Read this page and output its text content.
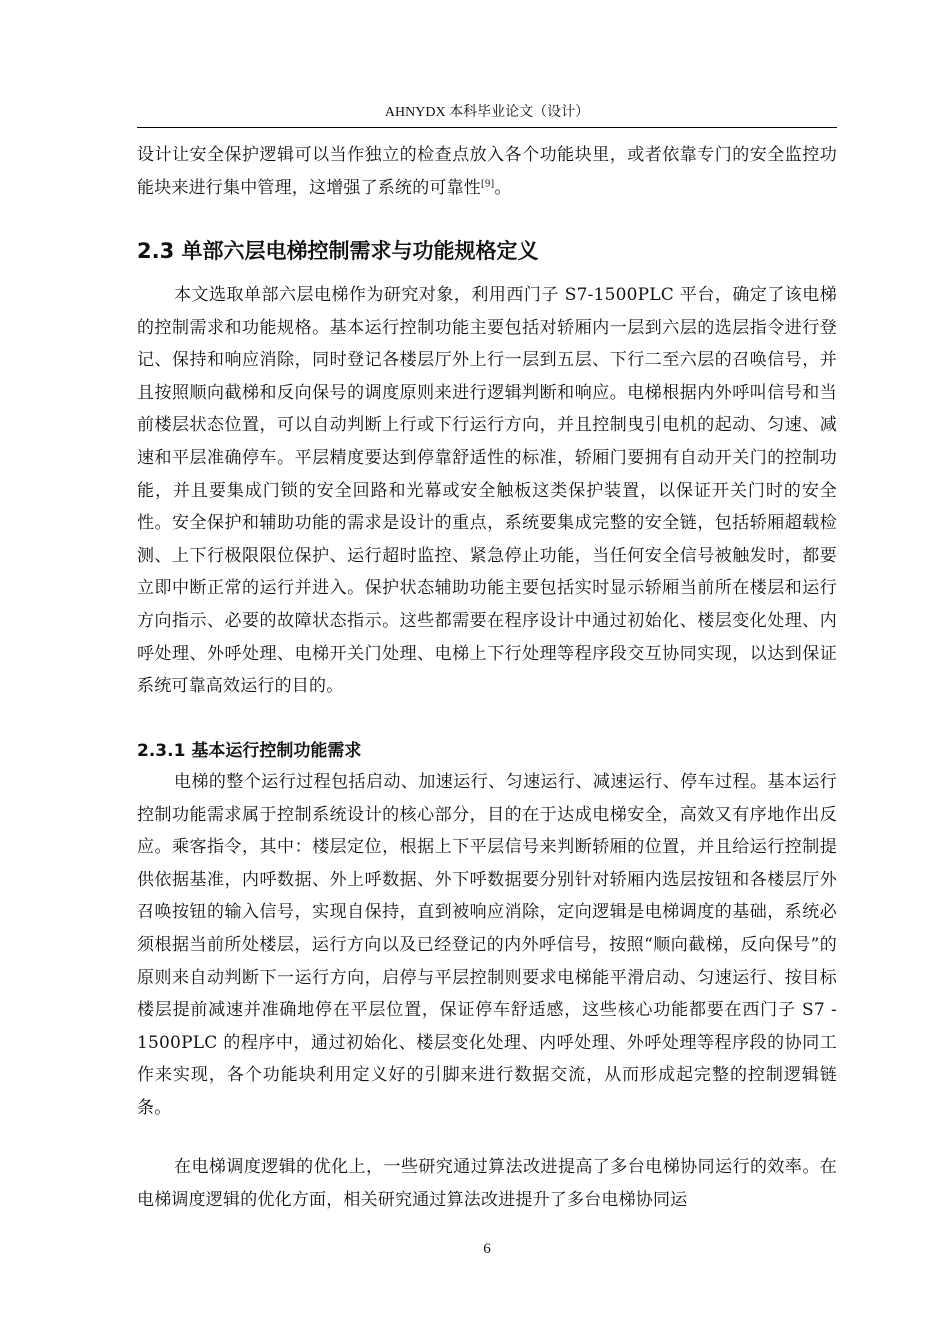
AHNYDX 本科毕业论文（设计）

设计让安全保护逻辑可以当作独立的检查点放入各个功能块里，或者依靠专门的安全监控功能块来进行集中管理，这增强了系统的可靠性[9]。

2.3 单部六层电梯控制需求与功能规格定义

本文选取单部六层电梯作为研究对象，利用西门子 S7-1500PLC 平台，确定了该电梯的控制需求和功能规格。基本运行控制功能主要包括对轿厢内一层到六层的选层指令进行登记、保持和响应消除，同时登记各楼层厅外上行一层到五层、下行二至六层的召唤信号，并且按照顺向截梯和反向保号的调度原则来进行逻辑判断和响应。电梯根据内外呼叫信号和当前楼层状态位置，可以自动判断上行或下行运行方向，并且控制曳引电机的起动、匀速、减速和平层准确停车。平层精度要达到停靠舒适性的标准，轿厢门要拥有自动开关门的控制功能，并且要集成门锁的安全回路和光幕或安全触板这类保护装置，以保证开关门时的安全性。安全保护和辅助功能的需求是设计的重点，系统要集成完整的安全链，包括轿厢超载检测、上下行极限限位保护、运行超时监控、紧急停止功能，当任何安全信号被触发时，都要立即中断正常的运行并进入。保护状态辅助功能主要包括实时显示轿厢当前所在楼层和运行方向指示、必要的故障状态指示。这些都需要在程序设计中通过初始化、楼层变化处理、内呼处理、外呼处理、电梯开关门处理、电梯上下行处理等程序段交互协同实现，以达到保证系统可靠高效运行的目的。

2.3.1 基本运行控制功能需求

电梯的整个运行过程包括启动、加速运行、匀速运行、减速运行、停车过程。基本运行控制功能需求属于控制系统设计的核心部分，目的在于达成电梯安全，高效又有序地作出反应。乘客指令，其中：楼层定位，根据上下平层信号来判断轿厢的位置，并且给运行控制提供依据基准，内呼数据、外上呼数据、外下呼数据要分别针对轿厢内选层按钮和各楼层厅外召唤按钮的输入信号，实现自保持，直到被响应消除，定向逻辑是电梯调度的基础，系统必须根据当前所处楼层，运行方向以及已经登记的内外呼信号，按照“顺向截梯，反向保号”的原则来自动判断下一运行方向，启停与平层控制则要求电梯能平滑启动、匀速运行、按目标楼层提前减速并准确地停在平层位置，保证停车舒适感，这些核心功能都要在西门子 S7 - 1500PLC 的程序中，通过初始化、楼层变化处理、内呼处理、外呼处理等程序段的协同工作来实现，各个功能块利用定义好的引脚来进行数据交流，从而形成起完整的控制逻辑链条。

在电梯调度逻辑的优化上，一些研究通过算法改进提高了多台电梯协同运行的效率。在电梯调度逻辑的优化方面，相关研究通过算法改进提升了多台电梯协同运

6
